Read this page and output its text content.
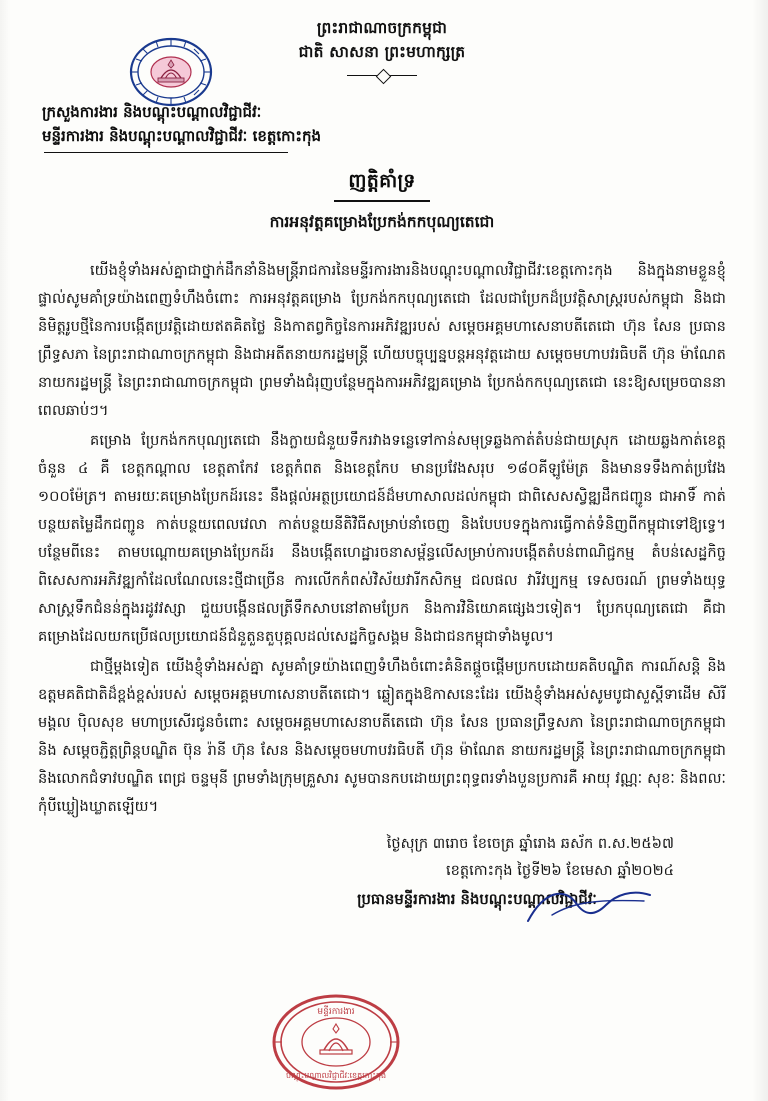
ព្រះរាជាណាចក្រកម្ពុជា
ជាតិ សាសនា ព្រះមហាក្សត្រ
ក្រសួងការងារ និងបណ្ដុះបណ្ដាលវិជ្ជាជីវៈ
មន្ទីរការងារ និងបណ្ដុះបណ្ដាលវិជ្ជាជីវៈ ខេត្តកោះកុង
ញត្តិគាំទ្រ
ការអនុវត្តគម្រោងប្រែកង់កកបុណ្យតេជោ

យើងខ្ញុំទាំងអស់គ្នាជាថ្នាក់ដឹកនាំនិងមន្ត្រីរាជការនៃមន្ទីរការងារនិងបណ្ដុះបណ្ដាលវិជ្ជាជីវៈខេត្តកោះកុង និងក្នុងនាមខ្លួនខ្ញុំផ្ទាល់សូមគាំទ្រយ៉ាងពេញទំហឹងចំពោះ ការអនុវត្តគម្រោង ប្រែកង់កកបុណ្យតេជោ ដែលជាប្រែកដ៏ប្រវត្តិសាស្ត្ររបស់កម្ពុជា និងជានិមិត្តរូបថ្មីនៃការបង្កើតប្រវត្តិដោយឥតគិតថ្លៃ និងកាតព្វកិច្ចនៃការអភិវឌ្ឍរបស់ សម្ដេចអគ្គមហាសេនាបតីតេជោ ហ៊ុន សែន ប្រធានព្រឹទ្ធសភា នៃព្រះរាជាណាចក្រកម្ពុជា និងជាអតីតនាយករដ្ឋមន្ត្រី ហើយបច្ចុប្បន្នបន្តអនុវត្តដោយ សម្ដេចមហាបវរធិបតី ហ៊ុន ម៉ាណែត នាយករដ្ឋមន្ត្រី នៃព្រះរាជាណាចក្រកម្ពុជា ព្រមទាំងជំរុញបន្ថែមក្នុងការអភិវឌ្ឍគម្រោង ប្រែកង់កកបុណ្យតេជោ នេះឱ្យសម្រេចបាននាពេលឆាប់ៗ។

គម្រោង ប្រែកង់កកបុណ្យតេជោ នឹងក្លាយជំនួយទឹករវាងទន្លេទៅកាន់សមុទ្រឆ្លងកាត់តំបន់ជាយស្រុក ដោយឆ្លងកាត់ខេត្តចំនួន ៤ គឺ ខេត្តកណ្ដាល ខេត្តតាកែវ ខេត្តកំពត និងខេត្តកែប មានប្រវែងសរុប ១៨០គីឡូម៉ែត្រ និងមានទទឹងកាត់ប្រវែង ១០០ម៉ែត្រ។ តាមរយៈគម្រោងប្រែកដ៍រនេះ នឹងផ្ដល់អត្ថប្រយោជន៍ដ៏មហាសាលដល់កម្ពុជា ជាពិសេសសិ្វឌ្ឍដឹកជញ្ជូន ជាអាទិ៍ កាត់បន្ថយតម្លៃដឹកជញ្ជូន កាត់បន្ថយពេលវេលា កាត់បន្ថយនីតិវិធីសម្រាប់នាំចេញ និងបែបបទក្នុងការធ្វើកាត់ទំនិញពីកម្ពុជាទៅឱ្យទ្វេ។ បន្ថែមពីនេះ តាមបណ្ដោយគម្រោងប្រែកដ៍រ នឹងបង្កើតហេដ្ឋារចនាសម្ព័ន្ធលើសម្រាប់ការបង្កើតតំបន់ពាណិជ្ជកម្ម តំបន់សេដ្ឋកិច្ច ពិសេសការអភិវឌ្ឍកាំដែលណែលនេះថ្មីជាច្រើន ការលើកកំពស់វិស័យវារីកសិកម្ម ជលផល វារីវប្បកម្ម ទេសចរណ៍ ព្រមទាំងយុទ្ធសាស្ត្រទឹកជំនន់ក្នុងរដូវវស្សា ជួយបង្កើនផលត្រីទឹកសាបនៅតាមប្រែក និងការវិនិយោគផ្សេងៗទៀត។ ប្រែកបុណ្យតេជោ គឺជាគម្រោងដែលយកប្រើផលប្រយោជន៍ជំនួតួនតួបុគ្គលដល់សេដ្ឋកិច្ចសង្គម និងជាជនកម្ពុជាទាំងមូល។

ជាថ្មីម្ដងទៀត យើងខ្ញុំទាំងអស់គ្នា សូមគាំទ្រយ៉ាងពេញទំហឹងចំពោះគំនិតផ្ដួចផ្ដើមប្រកបដោយគតិបណ្ឌិត ការណ៍សន្ដិ និងឧត្តមគតិជាតិដ៏ខ្ពង់ខ្ពស់របស់ សម្ដេចអគ្គមហាសេនាបតីតេជោ។ ឆ្លៀតក្នុងឱកាសនេះដែរ យើងខ្ញុំទាំងអស់សូមបូជាសួស្ដីទាដើម សិរីមង្គល បុិលសុខ មហាប្រសើរជូនចំពោះ សម្ដេចអគ្គមហាសេនាបតីតេជោ ហ៊ុន សែន ប្រធានព្រឹទ្ធសភា នៃព្រះរាជាណាចក្រកម្ពុជា និង សម្ដេចភ្ជិត្តព្រិន្តបណ្ឌិត ប៊ុន រ៉ានី ហ៊ុន សែន និងសម្ដេចមហាបវរធិបតី ហ៊ុន ម៉ាណែត នាយករដ្ឋមន្ត្រី នៃព្រះរាជាណាចក្រកម្ពុជា និងលោកជំទាវបណ្ឌិត ពេជ្រ ចន្ទមុនី ព្រមទាំងក្រុមគ្រួសារ សូមបានកបដោយព្រះពុទ្ធពរទាំងបួនប្រការគឺ អាយុ វណ្ណៈ សុខៈ និងពលៈ កុំបីឃ្លៀងឃ្លាតឡើយ។

ថ្ងៃសុក្រ ៣រោច ខែចេត្រ ឆ្នាំរោង ឆស័ក ព.ស.២៥៦៧
ខេត្តកោះកុង ថ្ងៃទី២៦ ខែមេសា ឆ្នាំ២០២៤
ប្រធានមន្ទីរការងារ និងបណ្ដុះបណ្ដាលវិជ្ជាជីវៈ
មន្ទីរការងារ
បណ្ដុះបណ្ដាលវិជ្ជាជីវៈខេត្តកោះកុង
